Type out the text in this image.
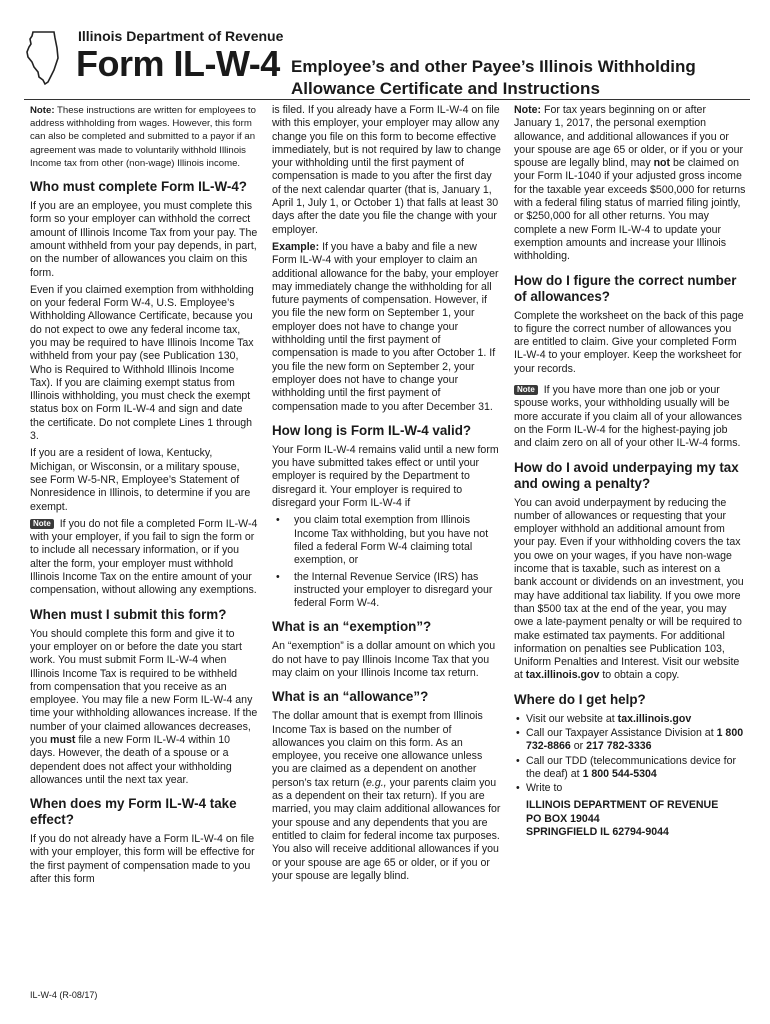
Illinois Department of Revenue
Form IL-W-4 Employee’s and other Payee’s Illinois Withholding Allowance Certificate and Instructions

Note: These instructions are written for employees to address withholding from wages. However, this form can also be completed and submitted to a payor if an agreement was made to voluntarily withhold Illinois Income tax from other (non-wage) Illinois income.

Who must complete Form IL-W-4?

If you are an employee, you must complete this form so your employer can withhold the correct amount of Illinois Income Tax from your pay. The amount withheld from your pay depends, in part, on the number of allowances you claim on this form.

Even if you claimed exemption from withholding on your federal Form W-4, U.S. Employee’s Withholding Allowance Certificate, because you do not expect to owe any federal income tax, you may be required to have Illinois Income Tax withheld from your pay (see Publication 130, Who is Required to Withhold Illinois Income Tax). If you are claiming exempt status from Illinois withholding, you must check the exempt status box on Form IL-W-4 and sign and date the certificate. Do not complete Lines 1 through 3.

If you are a resident of Iowa, Kentucky, Michigan, or Wisconsin, or a military spouse, see Form W-5-NR, Employee’s Statement of Nonresidence in Illinois, to determine if you are exempt.

Note If you do not file a completed Form IL-W-4 with your employer, if you fail to sign the form or to include all necessary information, or if you alter the form, your employer must withhold Illinois Income Tax on the entire amount of your compensation, without allowing any exemptions.

When must I submit this form?

You should complete this form and give it to your employer on or before the date you start work. You must submit Form IL-W-4 when Illinois Income Tax is required to be withheld from compensation that you receive as an employee. You may file a new Form IL-W-4 any time your withholding allowances increase. If the number of your claimed allowances decreases, you must file a new Form IL-W-4 within 10 days. However, the death of a spouse or a dependent does not affect your withholding allowances until the next tax year.

When does my Form IL-W-4 take effect?

If you do not already have a Form IL-W-4 on file with your employer, this form will be effective for the first payment of compensation made to you after this form

is filed. If you already have a Form IL-W-4 on file with this employer, your employer may allow any change you file on this form to become effective immediately, but is not required by law to change your withholding until the first payment of compensation is made to you after the first day of the next calendar quarter (that is, January 1, April 1, July 1, or October 1) that falls at least 30 days after the date you file the change with your employer.

Example: If you have a baby and file a new Form IL-W-4 with your employer to claim an additional allowance for the baby, your employer may immediately change the withholding for all future payments of compensation. However, if you file the new form on September 1, your employer does not have to change your withholding until the first payment of compensation is made to you after October 1. If you file the new form on September 2, your employer does not have to change your withholding until the first payment of compensation made to you after December 31.

How long is Form IL-W-4 valid?

Your Form IL-W-4 remains valid until a new form you have submitted takes effect or until your employer is required by the Department to disregard it. Your employer is required to disregard your Form IL-W-4 if

• you claim total exemption from Illinois Income Tax withholding, but you have not filed a federal Form W-4 claiming total exemption, or
• the Internal Revenue Service (IRS) has instructed your employer to disregard your federal Form W-4.
What is an “exemption”?

An “exemption” is a dollar amount on which you do not have to pay Illinois Income Tax that you may claim on your Illinois Income tax return.

What is an “allowance”?

The dollar amount that is exempt from Illinois Income Tax is based on the number of allowances you claim on this form. As an employee, you receive one allowance unless you are claimed as a dependent on another person’s tax return (e.g., your parents claim you as a dependent on their tax return). If you are married, you may claim additional allowances for your spouse and any dependents that you are entitled to claim for federal income tax purposes. You also will receive additional allowances if you or your spouse are age 65 or older, or if you or your spouse are legally blind.

Note: For tax years beginning on or after January 1, 2017, the personal exemption allowance, and additional allowances if you or your spouse are age 65 or older, or if you or your spouse are legally blind, may not be claimed on your Form IL-1040 if your adjusted gross income for the taxable year exceeds $500,000 for returns with a federal filing status of married filing jointly, or $250,000 for all other returns. You may complete a new Form IL-W-4 to update your exemption amounts and increase your Illinois withholding.

How do I figure the correct number of allowances?

Complete the worksheet on the back of this page to figure the correct number of allowances you are entitled to claim. Give your completed Form IL-W-4 to your employer. Keep the worksheet for your records.

Note If you have more than one job or your spouse works, your withholding usually will be more accurate if you claim all of your allowances on the Form IL-W-4 for the highest-paying job and claim zero on all of your other IL-W-4 forms.

How do I avoid underpaying my tax and owing a penalty?

You can avoid underpayment by reducing the number of allowances or requesting that your employer withhold an additional amount from your pay. Even if your withholding covers the tax you owe on your wages, if you have non-wage income that is taxable, such as interest on a bank account or dividends on an investment, you may have additional tax liability. If you owe more than $500 tax at the end of the year, you may owe a late-payment penalty or will be required to make estimated tax payments. For additional information on penalties see Publication 103, Uniform Penalties and Interest. Visit our website at tax.illinois.gov to obtain a copy.

Where do I get help?
• Visit our website at tax.illinois.gov
• Call our Taxpayer Assistance Division at 1 800 732-8866 or 217 782-3336
• Call our TDD (telecommunications device for the deaf) at 1 800 544-5304
• Write to
ILLINOIS DEPARTMENT OF REVENUE
PO BOX 19044
SPRINGFIELD IL 62794-9044
IL-W-4 (R-08/17)
